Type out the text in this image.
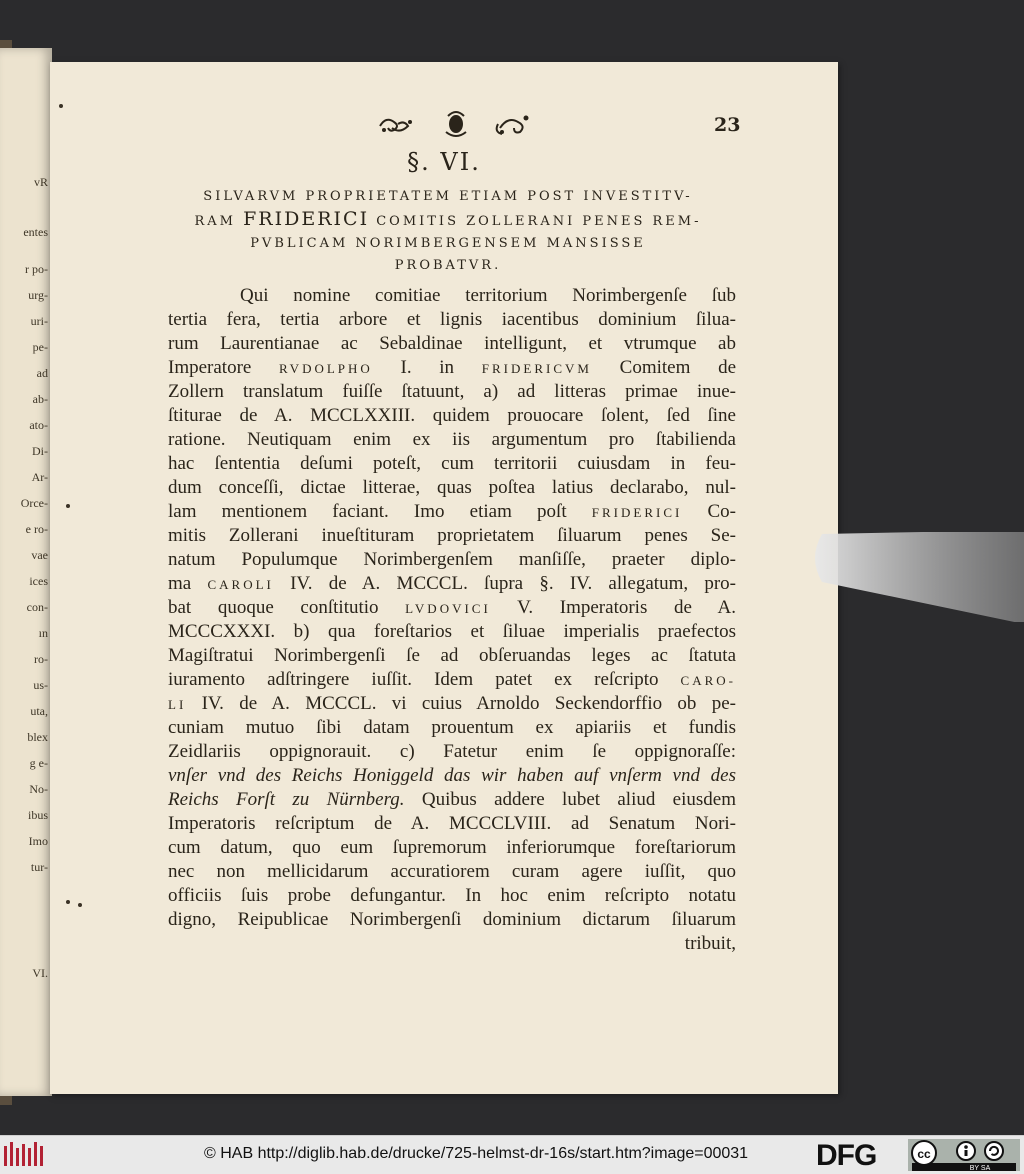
vR
entes
r po-
urg-
uri-
pe-
ad
ab-
ato-
Di-
Ar-
Orce-
e ro-
vae
ices
con-
ın
ro-
us-
uta,
blex
g e-
No-
ibus
Imo
tur-
VI.
23
§. VI.
SILVARVM PROPRIETATEM ETIAM POST INVESTITV-
RAM FRIDERICI COMITIS ZOLLERANI PENES REM-
PVBLICAM NORIMBERGENSEM MANSISSE
PROBATVR.
Qui nomine comitiae territorium Norimbergenſe ſub
tertia fera, tertia arbore et lignis iacentibus dominium ſilua-
rum Laurentianae ac Sebaldinae intelligunt, et vtrumque ab
Imperatore RVDOLPHO I. in FRIDERICVM Comitem de
Zollern translatum fuiſſe ſtatuunt, a) ad litteras primae inue-
ſtiturae de A. MCCLXXIII. quidem prouocare ſolent, ſed ſine
ratione. Neutiquam enim ex iis argumentum pro ſtabilienda
hac ſententia deſumi poteſt, cum territorii cuiusdam in feu-
dum conceſſi, dictae litterae, quas poſtea latius declarabo, nul-
lam mentionem faciant. Imo etiam poſt FRIDERICI Co-
mitis Zollerani inueſtituram proprietatem ſiluarum penes Se-
natum Populumque Norimbergenſem manſiſſe, praeter diplo-
ma CAROLI IV. de A. MCCCL. ſupra §. IV. allegatum, pro-
bat quoque conſtitutio LVDOVICI V. Imperatoris de A.
MCCCXXXI. b) qua foreſtarios et ſiluae imperialis praefectos
Magiſtratui Norimbergenſi ſe ad obſeruandas leges ac ſtatuta
iuramento adſtringere iuſſit. Idem patet ex reſcripto CARO-
LI IV. de A. MCCCL. vi cuius Arnoldo Seckendorffio ob pe-
cuniam mutuo ſibi datam prouentum ex apiariis et fundis
Zeidlariis oppignorauit. c) Fatetur enim ſe oppignoraſſe:
vnſer vnd des Reichs Honiggeld das wir haben auf vnſerm vnd des
Reichs Forſt zu Nürnberg. Quibus addere lubet aliud eiusdem
Imperatoris reſcriptum de A. MCCCLVIII. ad Senatum Nori-
cum datum, quo eum ſupremorum inferiorumque foreſtariorum
nec non mellicidarum accuratiorem curam agere iuſſit, quo
officiis ſuis probe defungantur. In hoc enim reſcripto notatu
digno, Reipublicae Norimbergenſi dominium dictarum ſiluarum
tribuit,
© HAB http://diglib.hab.de/drucke/725-helmst-dr-16s/start.htm?image=00031 DFG	cc
BY SA
